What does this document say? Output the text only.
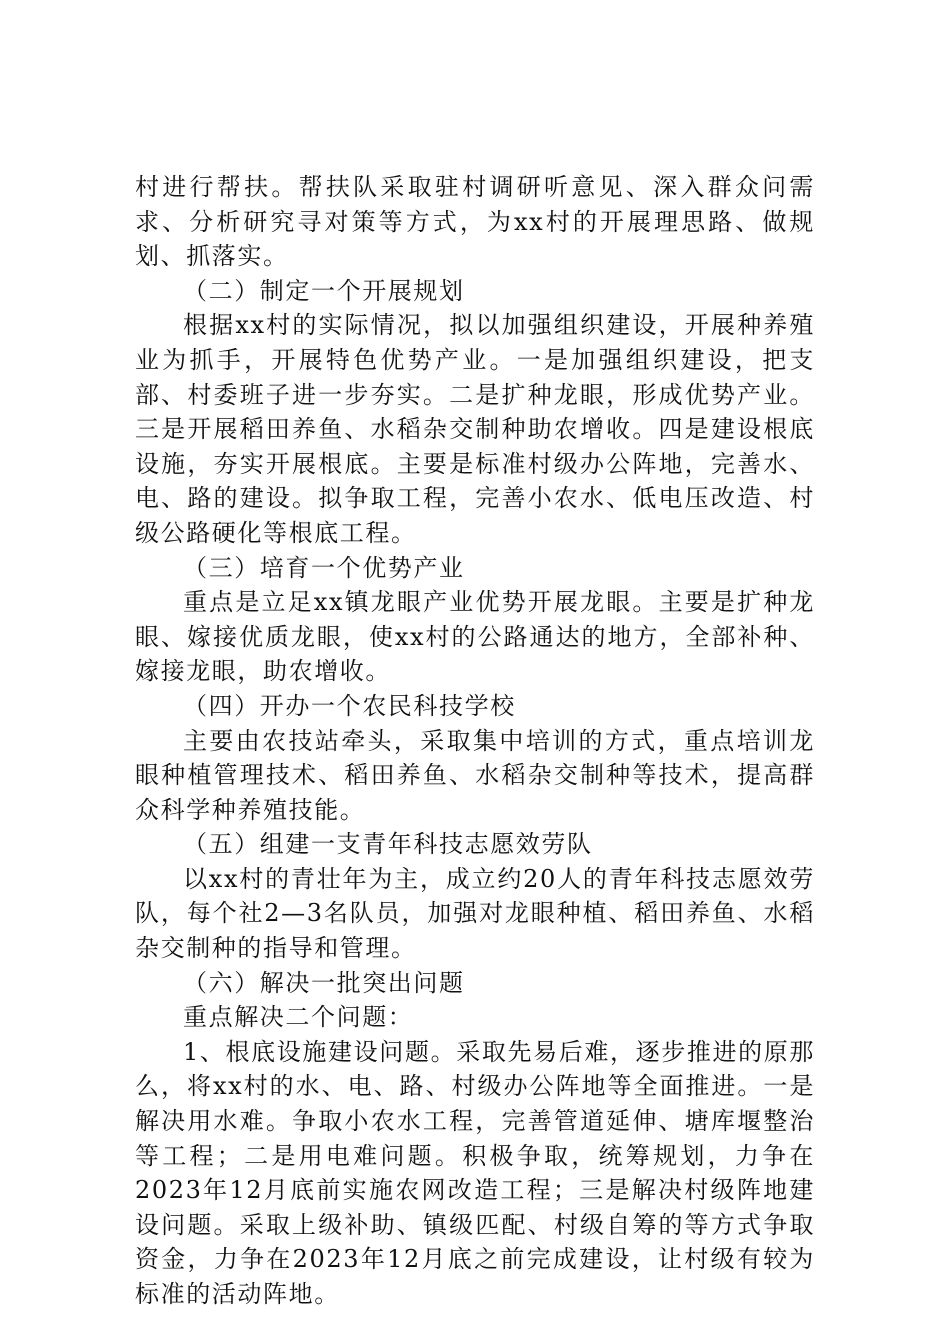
村进行帮扶。帮扶队采取驻村调研听意见、深入群众问需求、分析研究寻对策等方式，为xx村的开展理思路、做规划、抓落实。

（二）制定一个开展规划

根据xx村的实际情况，拟以加强组织建设，开展种养殖业为抓手，开展特色优势产业。一是加强组织建设，把支部、村委班子进一步夯实。二是扩种龙眼，形成优势产业。三是开展稻田养鱼、水稻杂交制种助农增收。四是建设根底设施，夯实开展根底。主要是标准村级办公阵地，完善水、电、路的建设。拟争取工程，完善小农水、低电压改造、村级公路硬化等根底工程。

（三）培育一个优势产业

重点是立足xx镇龙眼产业优势开展龙眼。主要是扩种龙眼、嫁接优质龙眼，使xx村的公路通达的地方，全部补种、嫁接龙眼，助农增收。

（四）开办一个农民科技学校

主要由农技站牵头，采取集中培训的方式，重点培训龙眼种植管理技术、稻田养鱼、水稻杂交制种等技术，提高群众科学种养殖技能。

（五）组建一支青年科技志愿效劳队

以xx村的青壮年为主，成立约20人的青年科技志愿效劳队，每个社2—3名队员，加强对龙眼种植、稻田养鱼、水稻杂交制种的指导和管理。

（六）解决一批突出问题

重点解决二个问题：

1、根底设施建设问题。采取先易后难，逐步推进的原那么，将xx村的水、电、路、村级办公阵地等全面推进。一是解决用水难。争取小农水工程，完善管道延伸、塘库堰整治等工程；二是用电难问题。积极争取，统筹规划，力争在2023年12月底前实施农网改造工程；三是解决村级阵地建设问题。采取上级补助、镇级匹配、村级自筹的等方式争取资金，力争在2023年12月底之前完成建设，让村级有较为标准的活动阵地。
